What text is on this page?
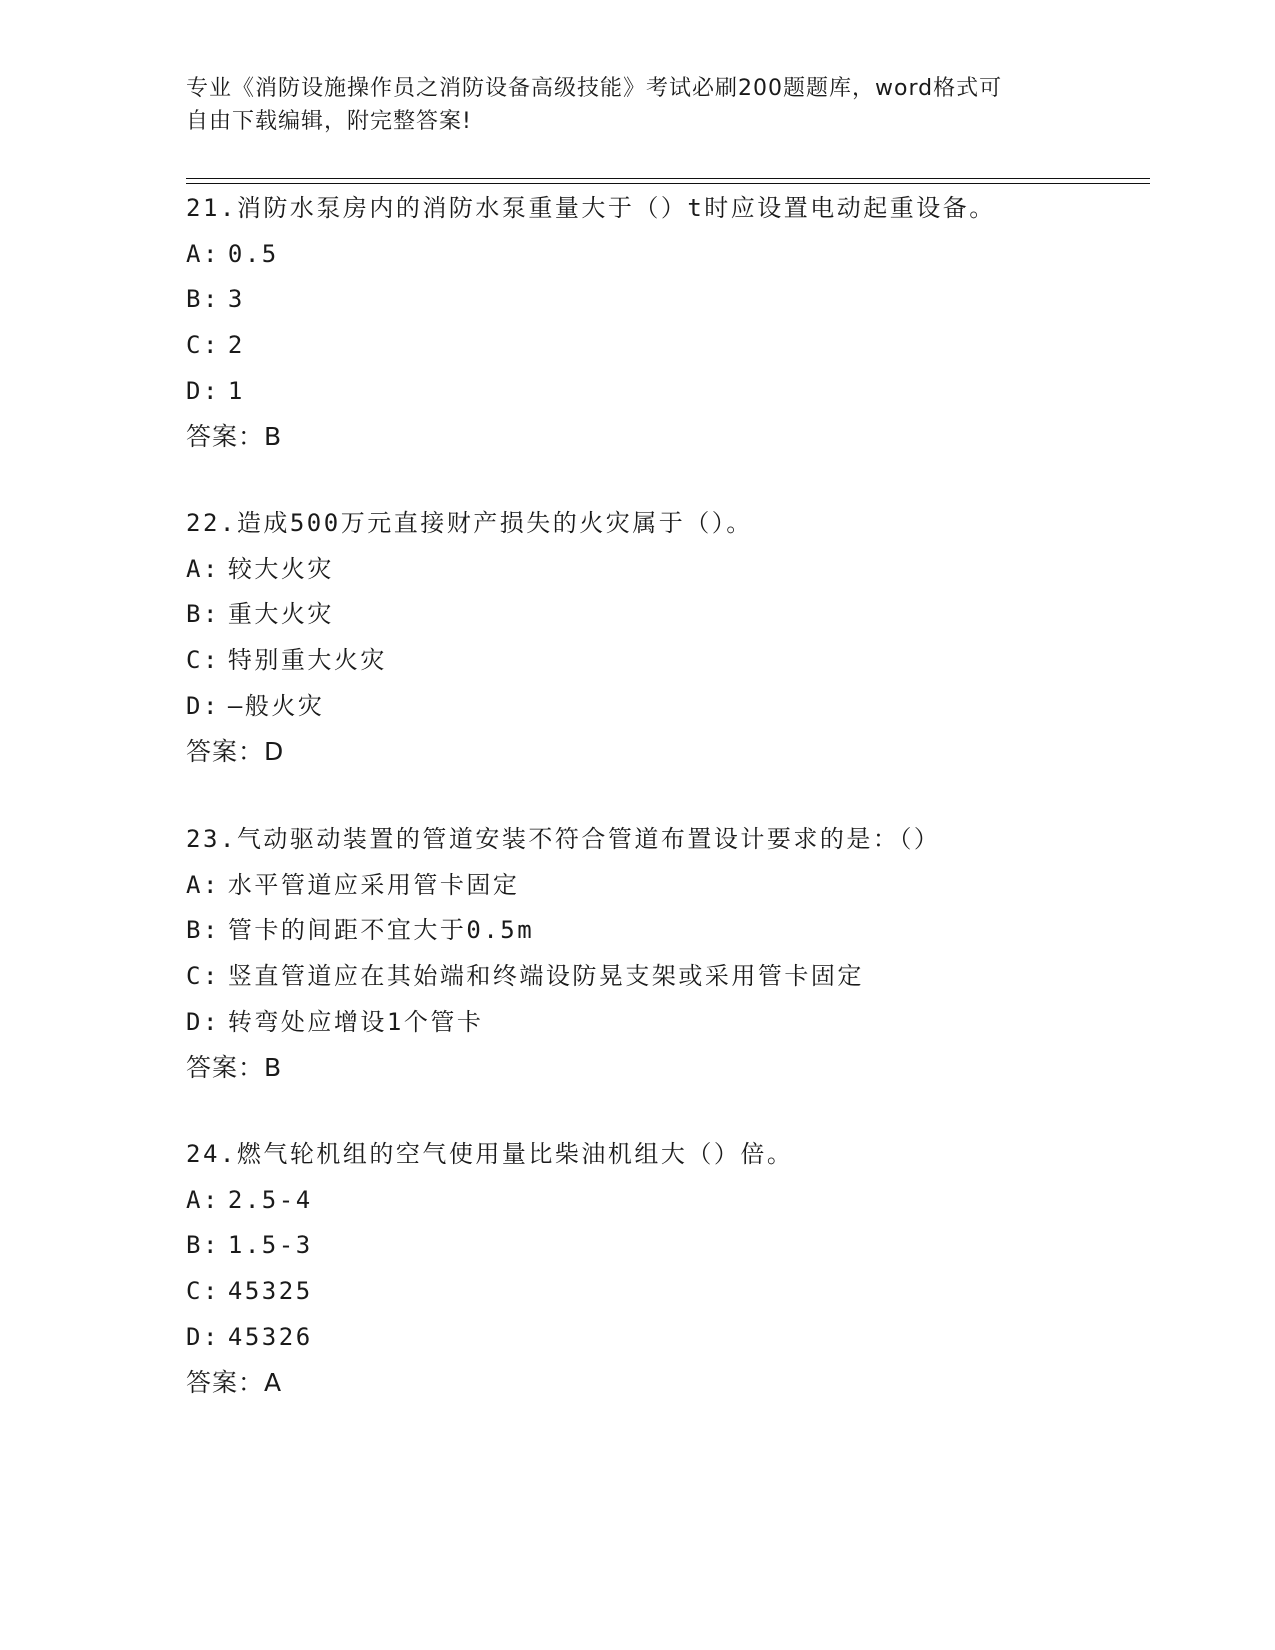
专业《消防设施操作员之消防设备高级技能》考试必刷200题题库，word格式可
自由下载编辑，附完整答案!
21.消防水泵房内的消防水泵重量大于（）t时应设置电动起重设备。
A: 0.5
B: 3
C: 2
D: 1
答案：B
22.造成500万元直接财产损失的火灾属于（）。
A: 较大火灾
B: 重大火灾
C: 特别重大火灾
D: —般火灾
答案：D
23.气动驱动装置的管道安装不符合管道布置设计要求的是：（）
A: 水平管道应采用管卡固定
B: 管卡的间距不宜大于0.5m
C: 竖直管道应在其始端和终端设防晃支架或采用管卡固定
D: 转弯处应增设1个管卡
答案：B
24.燃气轮机组的空气使用量比柴油机组大（）倍。
A: 2.5-4
B: 1.5-3
C: 45325
D: 45326
答案：A
